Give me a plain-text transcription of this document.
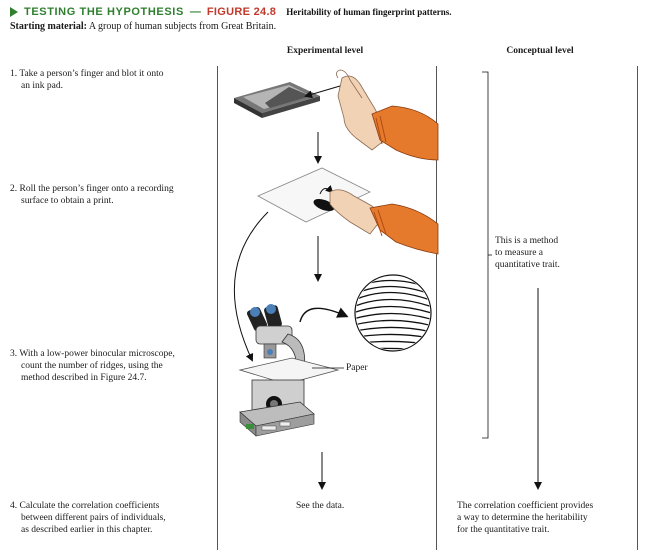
TESTING THE HYPOTHESIS — FIGURE 24.8 Heritability of human fingerprint patterns.
Starting material: A group of human subjects from Great Britain.
Experimental level	Conceptual level
1. Take a person’s finger and blot it onto
an ink pad.
2. Roll the person’s finger onto a recording
surface to obtain a print.
3. With a low-power binocular microscope,
count the number of ridges, using the
method described in Figure 24.7.
4. Calculate the correlation coefficients
between different pairs of individuals,
as described earlier in this chapter.
Paper
See the data.
This is a method
to measure a
quantitative trait.
The correlation coefficient provides
a way to determine the heritability
for the quantitative trait.
